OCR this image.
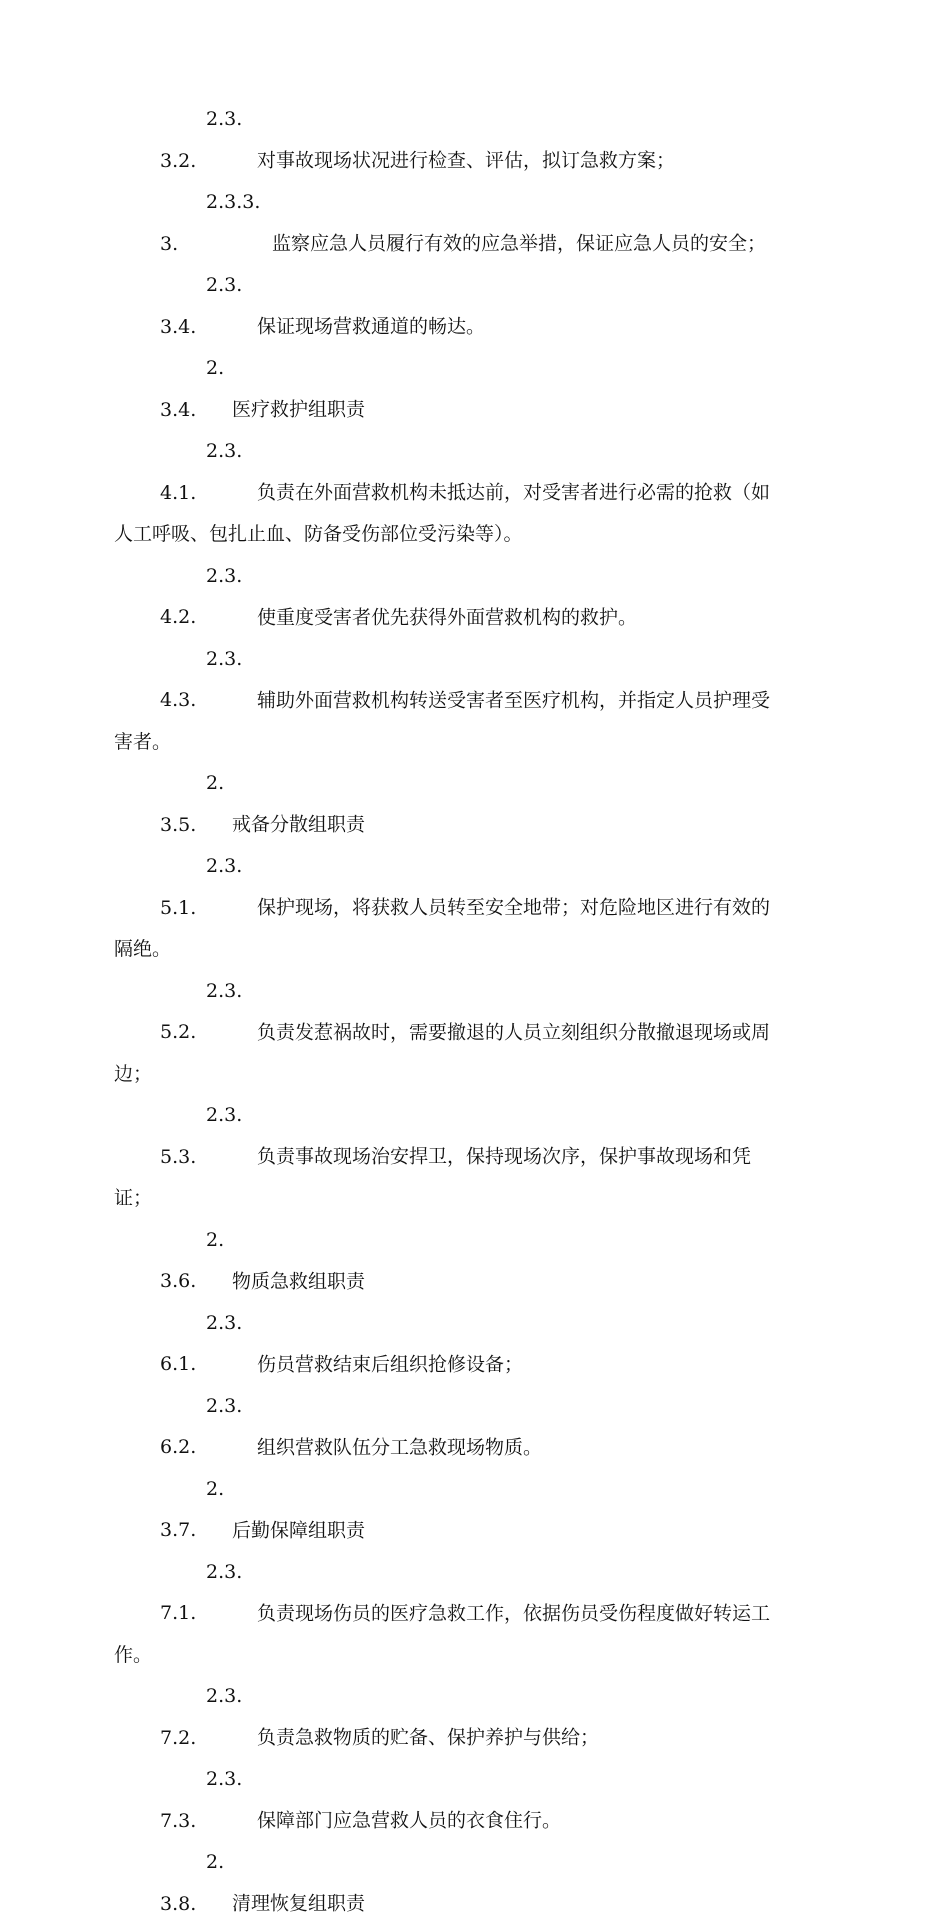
2.3.3.2.	对事故现场状况进行检查、评估，拟订急救方案；

2.3.3.3.	监察应急人员履行有效的应急举措，保证应急人员的安全；

2.3.3.4.	保证现场营救通道的畅达。

2.3.4. 医疗救护组职责

2.3.4.1.	负责在外面营救机构未抵达前，对受害者进行必需的抢救（如人工呼吸、包扎止血、防备受伤部位受污染等）。

2.3.4.2.	使重度受害者优先获得外面营救机构的救护。

2.3.4.3.	辅助外面营救机构转送受害者至医疗机构，并指定人员护理受害者。

2.3.5. 戒备分散组职责

2.3.5.1.	保护现场，将获救人员转至安全地带；对危险地区进行有效的隔绝。

2.3.5.2.	负责发惹祸故时，需要撤退的人员立刻组织分散撤退现场或周边；

2.3.5.3.	负责事故现场治安捍卫，保持现场次序，保护事故现场和凭证；

2.3.6. 物质急救组职责

2.3.6.1.	伤员营救结束后组织抢修设备；

2.3.6.2.	组织营救队伍分工急救现场物质。

2.3.7. 后勤保障组职责

2.3.7.1.	负责现场伤员的医疗急救工作，依据伤员受伤程度做好转运工作。

2.3.7.2.	负责急救物质的贮备、保护养护与供给；

2.3.7.3.	保障部门应急营救人员的衣食住行。

2.3.8. 清理恢复组职责
